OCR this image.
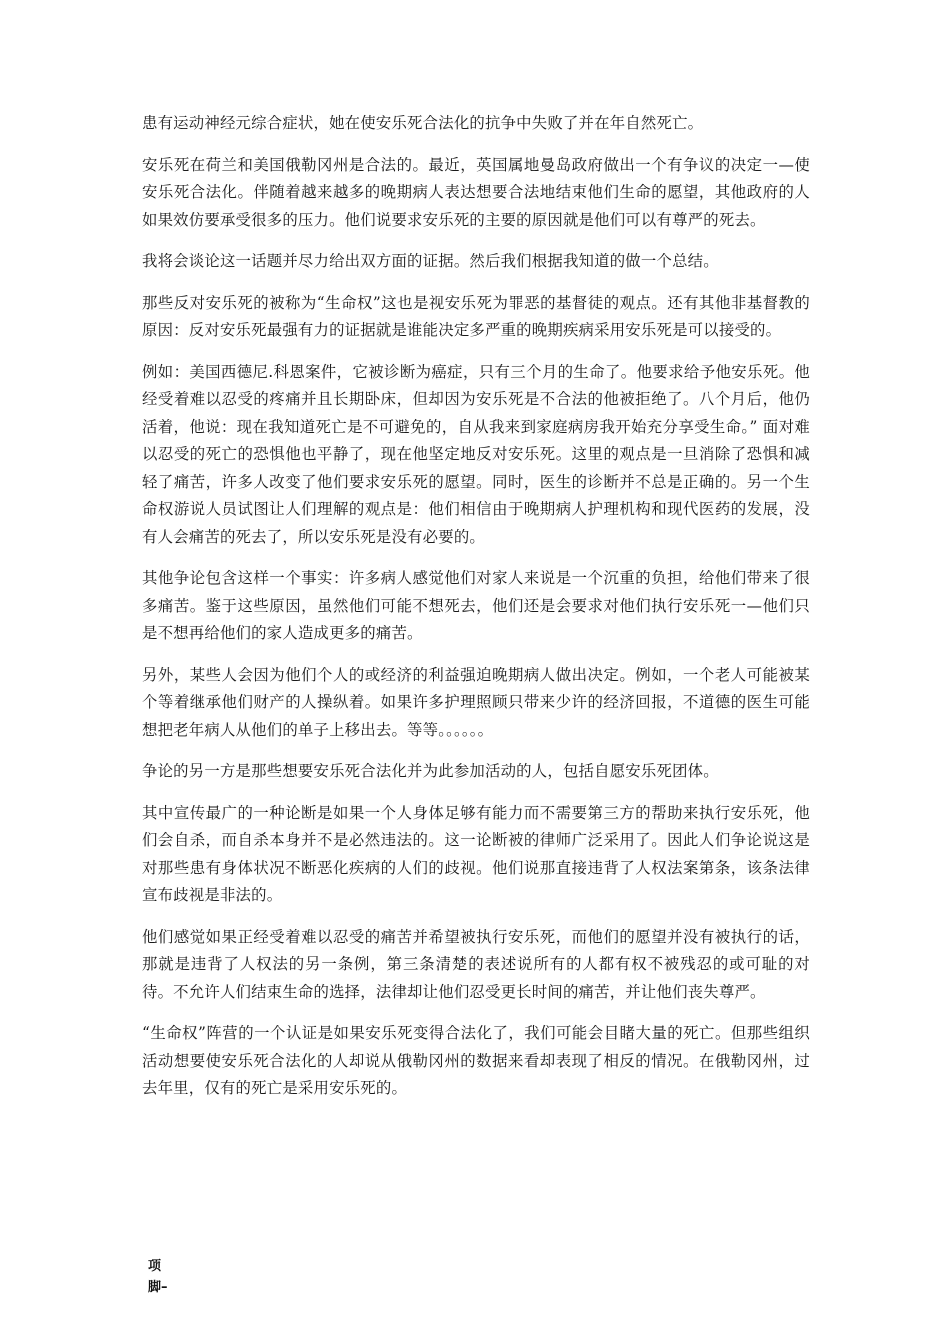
患有运动神经元综合症状，她在使安乐死合法化的抗争中失败了并在年自然死亡。

安乐死在荷兰和美国俄勒冈州是合法的。最近，英国属地曼岛政府做出一个有争议的决定一—使安乐死合法化。伴随着越来越多的晚期病人表达想要合法地结束他们生命的愿望，其他政府的人如果效仿要承受很多的压力。他们说要求安乐死的主要的原因就是他们可以有尊严的死去。

我将会谈论这一话题并尽力给出双方面的证据。然后我们根据我知道的做一个总结。

那些反对安乐死的被称为“生命权”这也是视安乐死为罪恶的基督徒的观点。还有其他非基督教的原因：反对安乐死最强有力的证据就是谁能决定多严重的晚期疾病采用安乐死是可以接受的。

例如：美国西德尼.科恩案件，它被诊断为癌症，只有三个月的生命了。他要求给予他安乐死。他经受着难以忍受的疼痛并且长期卧床，但却因为安乐死是不合法的他被拒绝了。八个月后，他仍活着，他说：现在我知道死亡是不可避免的，自从我来到家庭病房我开始充分享受生命。” 面对难以忍受的死亡的恐惧他也平静了，现在他坚定地反对安乐死。这里的观点是一旦消除了恐惧和减轻了痛苦，许多人改变了他们要求安乐死的愿望。同时，医生的诊断并不总是正确的。另一个生命权游说人员试图让人们理解的观点是：他们相信由于晚期病人护理机构和现代医药的发展，没有人会痛苦的死去了，所以安乐死是没有必要的。

其他争论包含这样一个事实：许多病人感觉他们对家人来说是一个沉重的负担，给他们带来了很多痛苦。鉴于这些原因，虽然他们可能不想死去，他们还是会要求对他们执行安乐死一—他们只是不想再给他们的家人造成更多的痛苦。

另外，某些人会因为他们个人的或经济的利益强迫晚期病人做出决定。例如，一个老人可能被某个等着继承他们财产的人操纵着。如果许多护理照顾只带来少许的经济回报，不道德的医生可能想把老年病人从他们的单子上移出去。等等。。。。。。

争论的另一方是那些想要安乐死合法化并为此参加活动的人，包括自愿安乐死团体。

其中宣传最广的一种论断是如果一个人身体足够有能力而不需要第三方的帮助来执行安乐死，他们会自杀，而自杀本身并不是必然违法的。这一论断被的律师广泛采用了。因此人们争论说这是对那些患有身体状况不断恶化疾病的人们的歧视。他们说那直接违背了人权法案第条，该条法律宣布歧视是非法的。

他们感觉如果正经受着难以忍受的痛苦并希望被执行安乐死，而他们的愿望并没有被执行的话，那就是违背了人权法的另一条例，第三条清楚的表述说所有的人都有权不被残忍的或可耻的对待。不允许人们结束生命的选择，法律却让他们忍受更长时间的痛苦，并让他们丧失尊严。

“生命权”阵营的一个认证是如果安乐死变得合法化了，我们可能会目睹大量的死亡。但那些组织活动想要使安乐死合法化的人却说从俄勒冈州的数据来看却表现了相反的情况。在俄勒冈州，过去年里，仅有的死亡是采用安乐死的。

项
脚–
